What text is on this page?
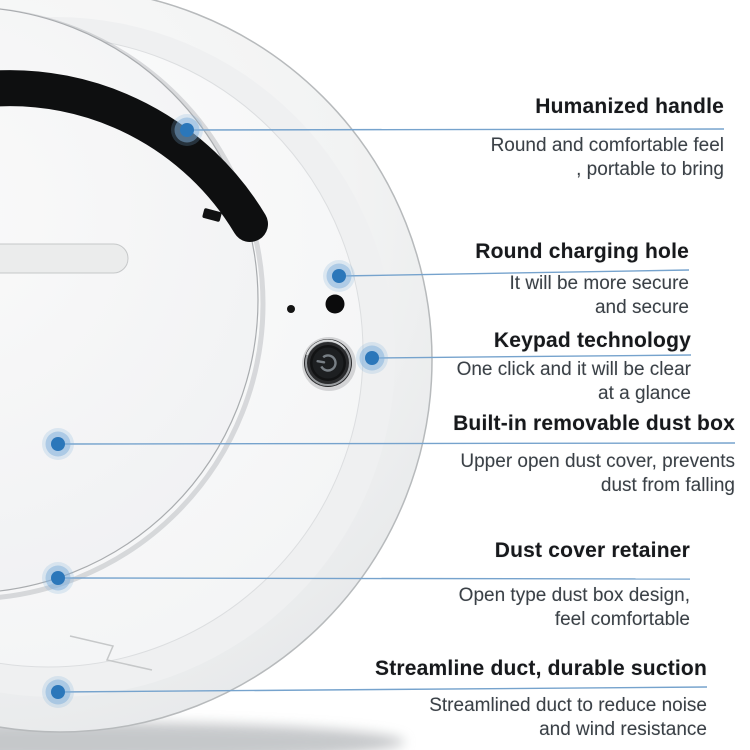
Humanized handle
Round and comfortable feel
, portable to bring
Round charging hole
It will be more secure
and secure
Keypad technology
One click and it will be clear
at a glance
Built-in removable dust box
Upper open dust cover, prevents
dust from falling
Dust cover retainer
Open type dust box design,
feel comfortable
Streamline duct, durable suction
Streamlined duct to reduce noise
and wind resistance
